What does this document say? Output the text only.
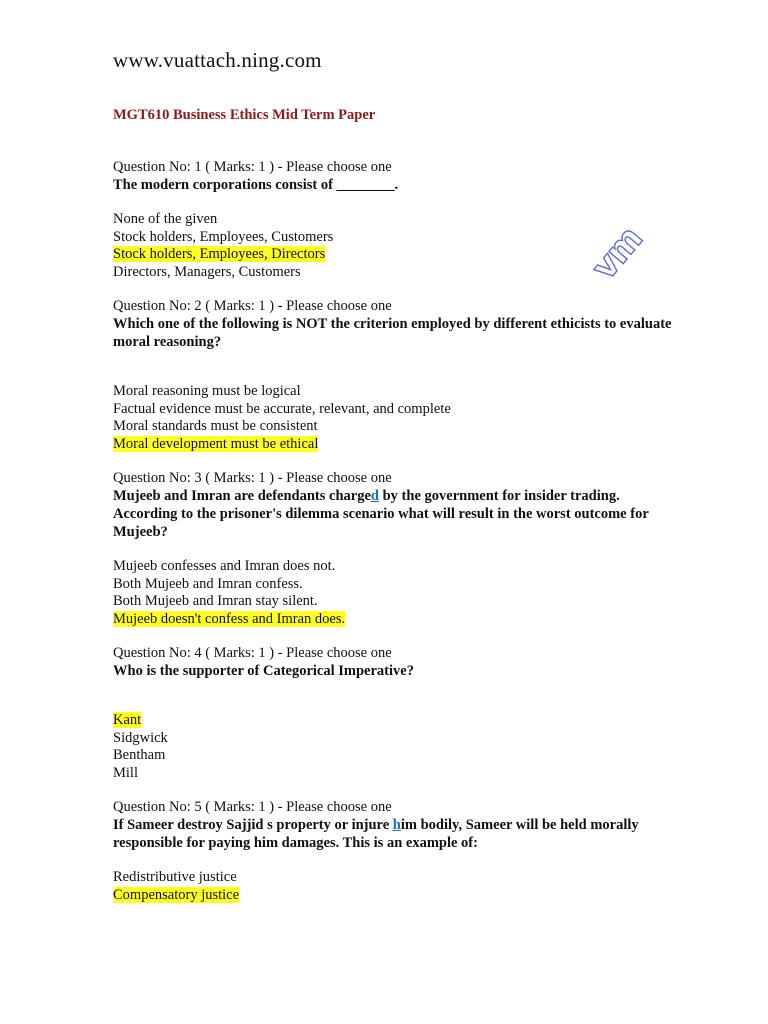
www.vuattach.ning.com
MGT610 Business Ethics Mid Term Paper

Question No: 1 ( Marks: 1 ) - Please choose one

The modern corporations consist of ________.

None of the given
Stock holders, Employees, Customers
Stock holders, Employees, Directors
Directors, Managers, Customers

Question No: 2 ( Marks: 1 ) - Please choose one

Which one of the following is NOT the criterion employed by different ethicists to evaluate moral reasoning?

Moral reasoning must be logical
Factual evidence must be accurate, relevant, and complete
Moral standards must be consistent
Moral development must be ethical

Question No: 3 ( Marks: 1 ) - Please choose one

Mujeeb and Imran are defendants charged by the government for insider trading. According to the prisoner's dilemma scenario what will result in the worst outcome for Mujeeb?

Mujeeb confesses and Imran does not.
Both Mujeeb and Imran confess.
Both Mujeeb and Imran stay silent.
Mujeeb doesn't confess and Imran does.

Question No: 4 ( Marks: 1 ) - Please choose one

Who is the supporter of Categorical Imperative?

Kant
Sidgwick
Bentham
Mill

Question No: 5 ( Marks: 1 ) - Please choose one

If Sameer destroy Sajjid s property or injure him bodily, Sameer will be held morally responsible for paying him damages. This is an example of:

Redistributive justice
Compensatory justice
vm
